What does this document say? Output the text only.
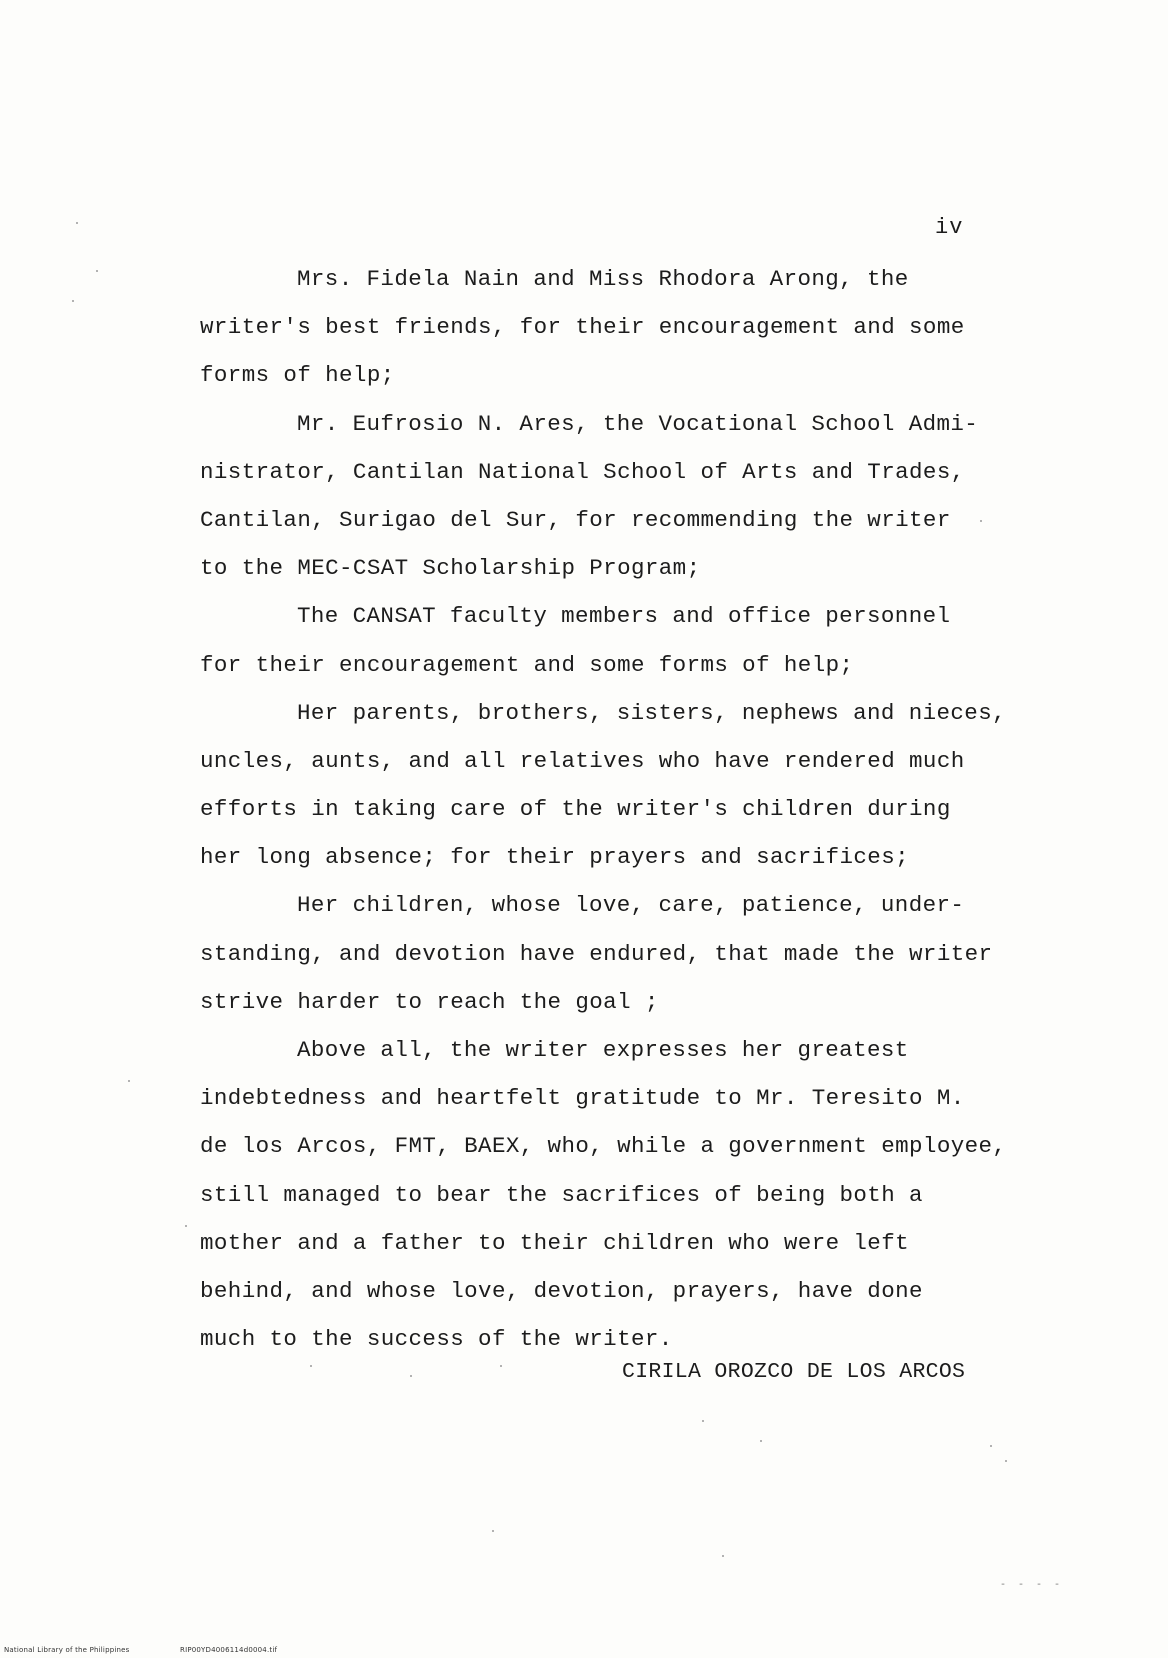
iv

Mrs. Fidela Nain and Miss Rhodora Arong, the
writer's best friends, for their encouragement and some
forms of help;

Mr. Eufrosio N. Ares, the Vocational School Admi-
nistrator, Cantilan National School of Arts and Trades,
Cantilan, Surigao del Sur, for recommending the writer
to the MEC-CSAT Scholarship Program;

The CANSAT faculty members and office personnel
for their encouragement and some forms of help;

Her parents, brothers, sisters, nephews and nieces,
uncles, aunts, and all relatives who have rendered much
efforts in taking care of the writer's children during
her long absence; for their prayers and sacrifices;

Her children, whose love, care, patience, under-
standing, and devotion have endured, that made the writer
strive harder to reach the goal ;

Above all, the writer expresses her greatest
indebtedness and heartfelt gratitude to Mr. Teresito M.
de los Arcos, FMT, BAEX, who, while a government employee,
still managed to bear the sacrifices of being both a
mother and a father to their children who were left
behind, and whose love, devotion, prayers, have done
much to the success of the writer.

CIRILA OROZCO DE LOS ARCOS
- - - -
National Library of the Philippines	RIP00YD4006114d0004.tif
